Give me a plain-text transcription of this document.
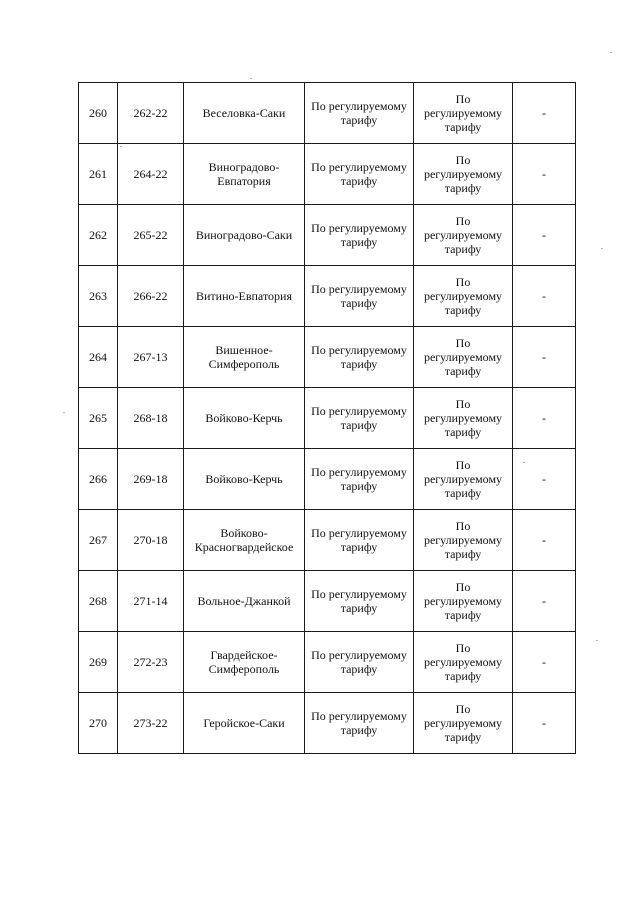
260	262-22	Веселовка-Саки	По регулируемому тарифу	По регулируемому тарифу	-
261	264-22	Виноградово-Евпатория	По регулируемому тарифу	По регулируемому тарифу	-
262	265-22	Виноградово-Саки	По регулируемому тарифу	По регулируемому тарифу	-
263	266-22	Витино-Евпатория	По регулируемому тарифу	По регулируемому тарифу	-
264	267-13	Вишенное-Симферополь	По регулируемому тарифу	По регулируемому тарифу	-
265	268-18	Войково-Керчь	По регулируемому тарифу	По регулируемому тарифу	-
266	269-18	Войково-Керчь	По регулируемому тарифу	По регулируемому тарифу	-
267	270-18	Войково-Красногвардейское	По регулируемому тарифу	По регулируемому тарифу	-
268	271-14	Вольное-Джанкой	По регулируемому тарифу	По регулируемому тарифу	-
269	272-23	Гвардейское-Симферополь	По регулируемому тарифу	По регулируемому тарифу	-
270	273-22	Геройское-Саки	По регулируемому тарифу	По регулируемому тарифу	-
